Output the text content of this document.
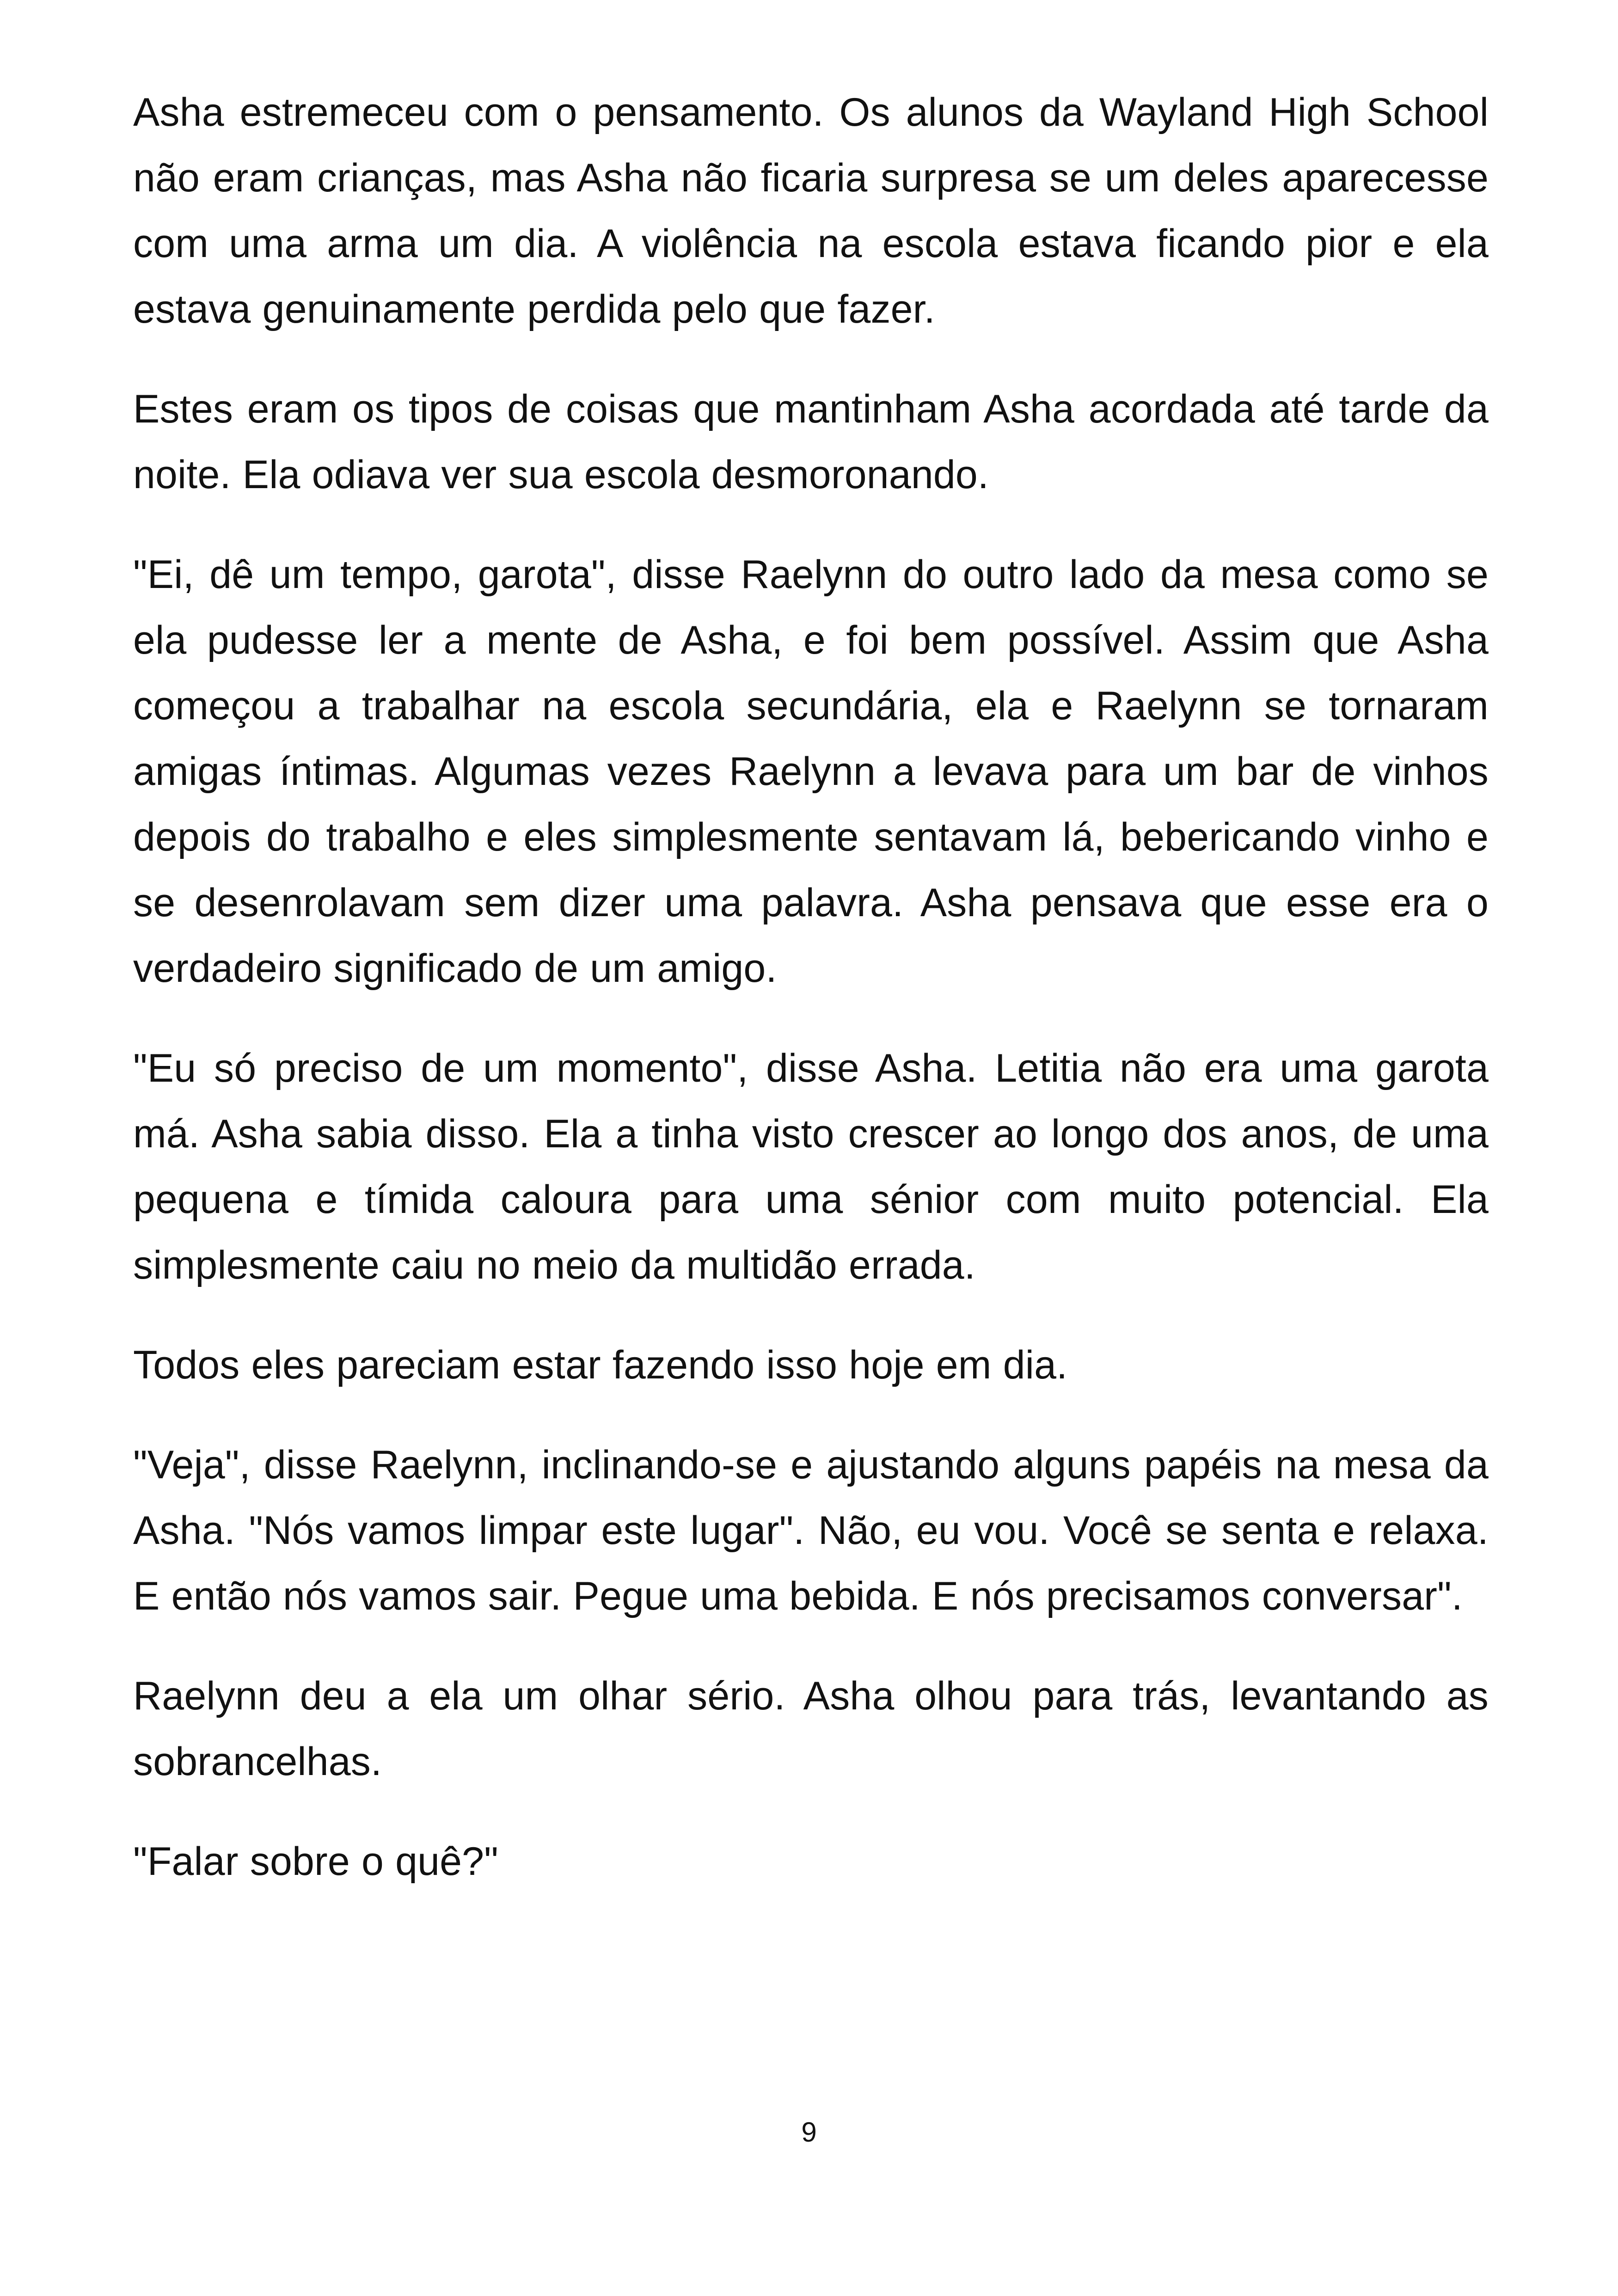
Asha estremeceu com o pensamento. Os alunos da Wayland High School não eram crianças, mas Asha não ficaria surpresa se um deles aparecesse com uma arma um dia. A violência na escola estava ficando pior e ela estava genuinamente perdida pelo que fazer.

Estes eram os tipos de coisas que mantinham Asha acordada até tarde da noite. Ela odiava ver sua escola desmoronando.

"Ei, dê um tempo, garota", disse Raelynn do outro lado da mesa como se ela pudesse ler a mente de Asha, e foi bem possível. Assim que Asha começou a trabalhar na escola secundária, ela e Raelynn se tornaram amigas íntimas. Algumas vezes Raelynn a levava para um bar de vinhos depois do trabalho e eles simplesmente sentavam lá, bebericando vinho e se desenrolavam sem dizer uma palavra. Asha pensava que esse era o verdadeiro significado de um amigo.

"Eu só preciso de um momento", disse Asha. Letitia não era uma garota má. Asha sabia disso. Ela a tinha visto crescer ao longo dos anos, de uma pequena e tímida caloura para uma sénior com muito potencial. Ela simplesmente caiu no meio da multidão errada.

Todos eles pareciam estar fazendo isso hoje em dia.

"Veja", disse Raelynn, inclinando-se e ajustando alguns papéis na mesa da Asha. "Nós vamos limpar este lugar". Não, eu vou. Você se senta e relaxa. E então nós vamos sair. Pegue uma bebida. E nós precisamos conversar".

Raelynn deu a ela um olhar sério. Asha olhou para trás, levantando as sobrancelhas.

"Falar sobre o quê?"

9
